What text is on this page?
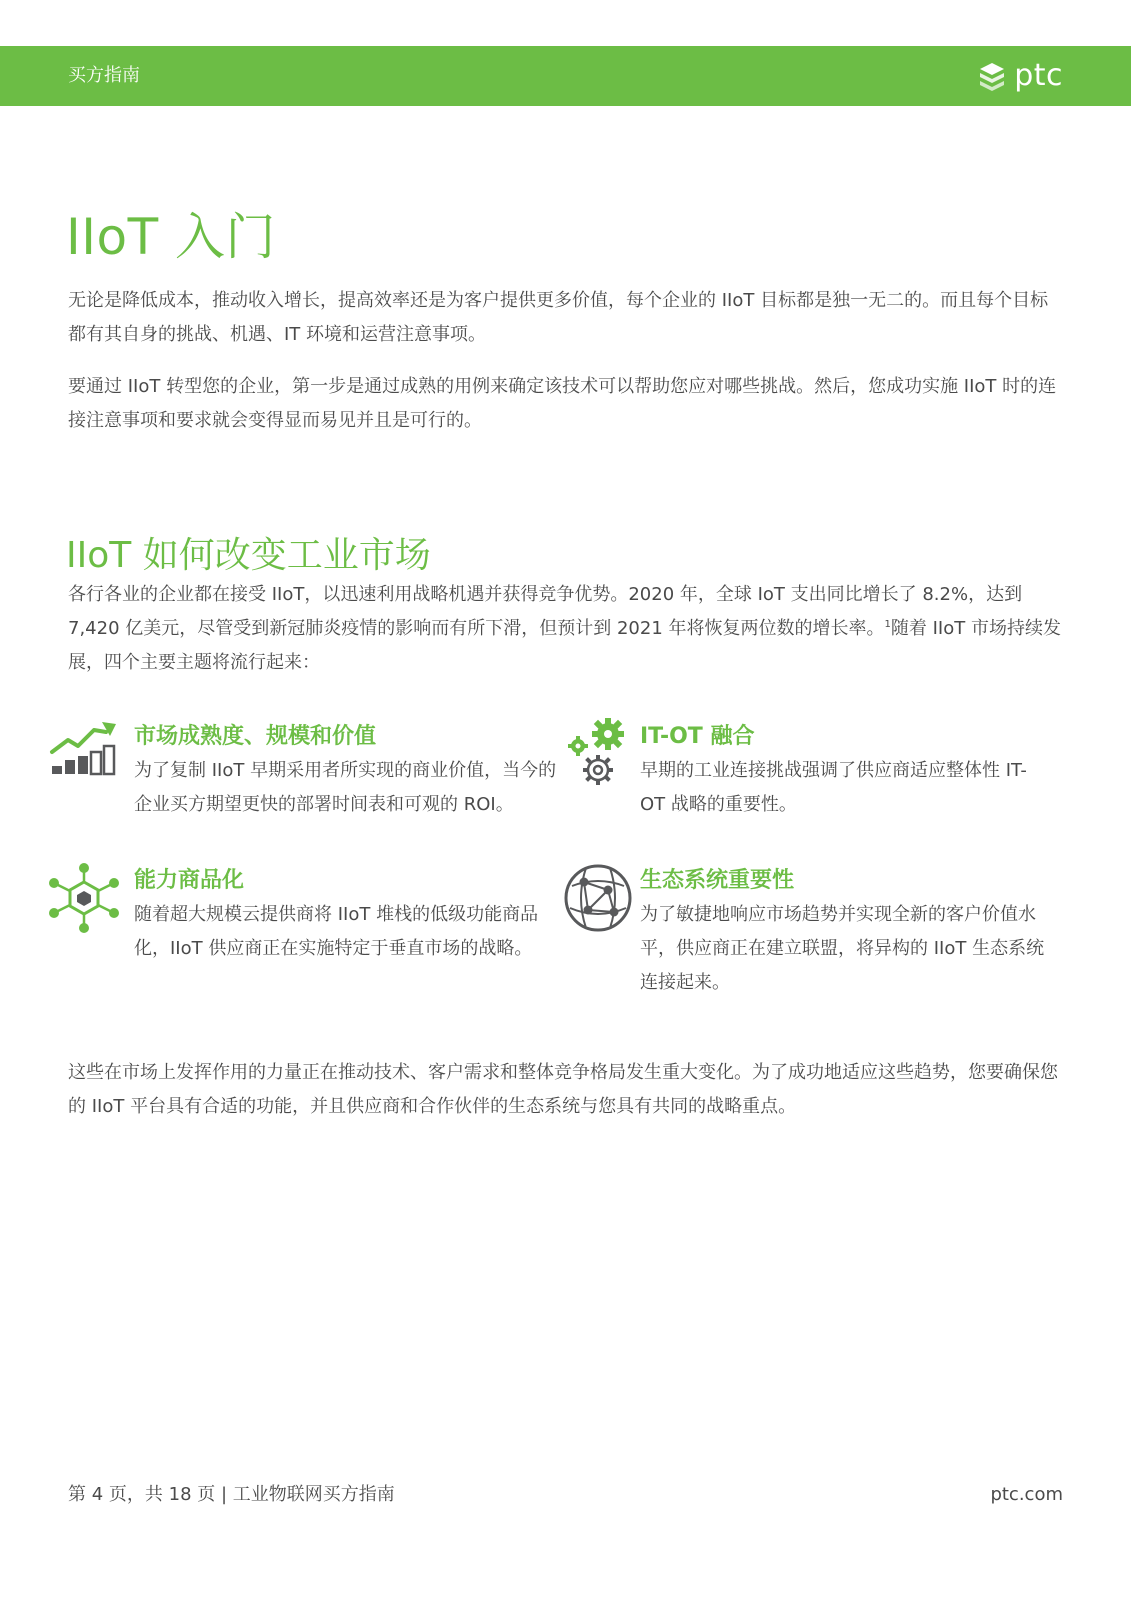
买方指南	ptc
IIoT 入门

无论是降低成本，推动收入增长，提高效率还是为客户提供更多价值，每个企业的 IIoT 目标都是独一无二的。而且每个目标都有其自身的挑战、机遇、IT 环境和运营注意事项。

要通过 IIoT 转型您的企业，第一步是通过成熟的用例来确定该技术可以帮助您应对哪些挑战。然后，您成功实施 IIoT 时的连接注意事项和要求就会变得显而易见并且是可行的。

IIoT 如何改变工业市场

各行各业的企业都在接受 IIoT，以迅速利用战略机遇并获得竞争优势。2020 年，全球 IoT 支出同比增长了 8.2%，达到 7,420 亿美元，尽管受到新冠肺炎疫情的影响而有所下滑，但预计到 2021 年将恢复两位数的增长率。$^1$随着 IIoT 市场持续发展，四个主要主题将流行起来：

市场成熟度、规模和价值

为了复制 IIoT 早期采用者所实现的商业价值，当今的企业买方期望更快的部署时间表和可观的 ROI。

IT-OT 融合

早期的工业连接挑战强调了供应商适应整体性 IT-OT 战略的重要性。

能力商品化

随着超大规模云提供商将 IIoT 堆栈的低级功能商品化，IIoT 供应商正在实施特定于垂直市场的战略。

生态系统重要性

为了敏捷地响应市场趋势并实现全新的客户价值水平，供应商正在建立联盟，将异构的 IIoT 生态系统连接起来。

这些在市场上发挥作用的力量正在推动技术、客户需求和整体竞争格局发生重大变化。为了成功地适应这些趋势，您要确保您的 IIoT 平台具有合适的功能，并且供应商和合作伙伴的生态系统与您具有共同的战略重点。

第 4 页，共 18 页 | 工业物联网买方指南	ptc.com
